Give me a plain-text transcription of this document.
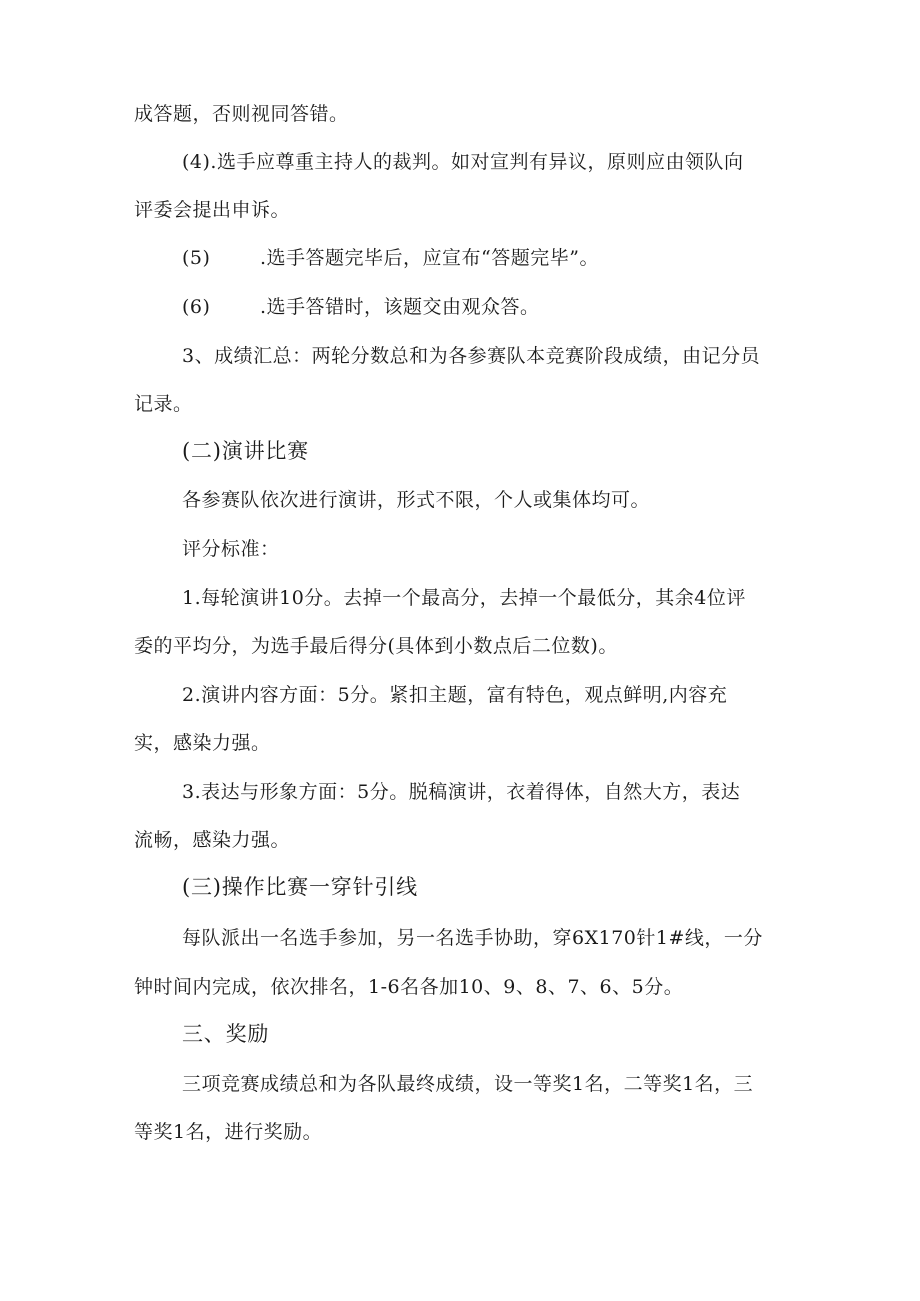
成答题，否则视同答错。
(4).选手应尊重主持人的裁判。如对宣判有异议，原则应由领队向
评委会提出申诉。
(5)	.选手答题完毕后，应宣布“答题完毕”。
(6)	.选手答错时，该题交由观众答。
3、成绩汇总：两轮分数总和为各参赛队本竞赛阶段成绩，由记分员
记录。
(二)演讲比赛
各参赛队依次进行演讲，形式不限，个人或集体均可。
评分标准：
1.每轮演讲10分。去掉一个最高分，去掉一个最低分，其余4位评
委的平均分，为选手最后得分(具体到小数点后二位数)。
2.演讲内容方面：5分。紧扣主题，富有特色，观点鲜明,内容充
实，感染力强。
3.表达与形象方面：5分。脱稿演讲，衣着得体，自然大方，表达
流畅，感染力强。
(三)操作比赛一穿针引线
每队派出一名选手参加，另一名选手协助，穿6X170针1#线，一分
钟时间内完成，依次排名，1-6名各加10、9、8、7、6、5分。
三、奖励
三项竞赛成绩总和为各队最终成绩，设一等奖1名，二等奖1名，三
等奖1名，进行奖励。
